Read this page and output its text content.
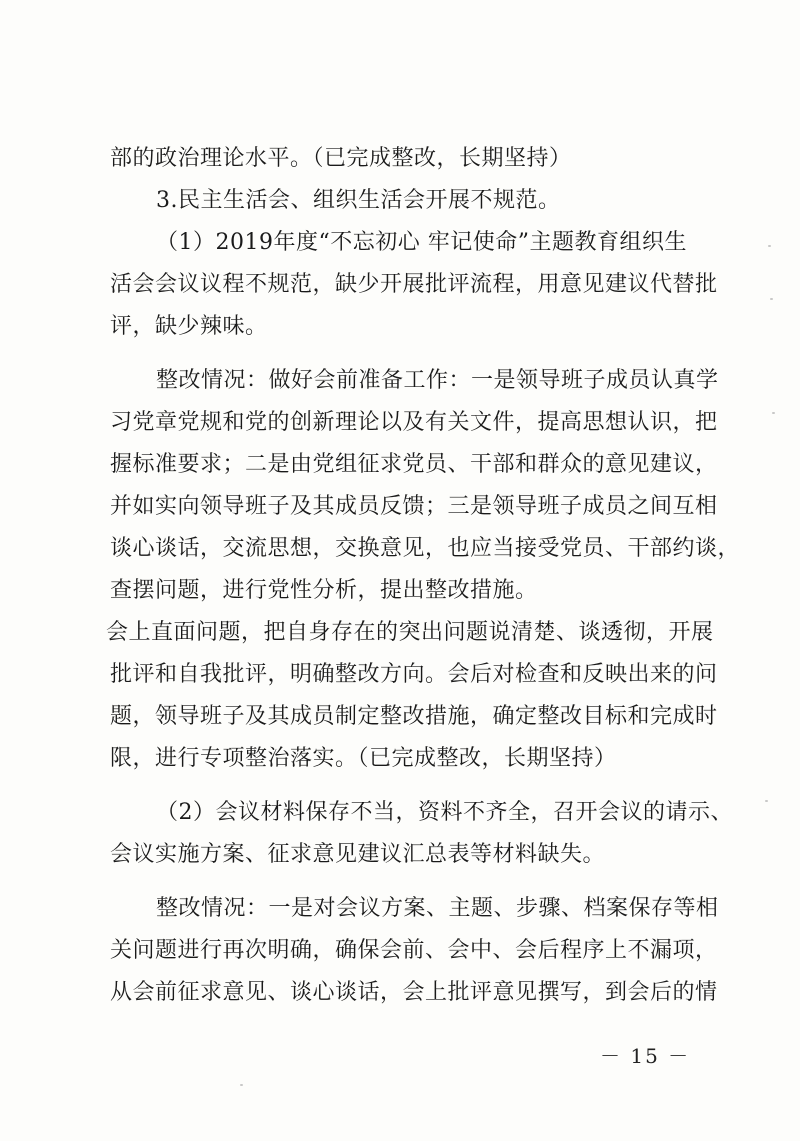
部的政治理论水平。（已完成整改，长期坚持）
3.民主生活会、组织生活会开展不规范。
（1）2019年度“不忘初心 牢记使命”主题教育组织生
活会会议议程不规范，缺少开展批评流程，用意见建议代替批
评，缺少辣味。
整改情况：做好会前准备工作：一是领导班子成员认真学
习党章党规和党的创新理论以及有关文件，提高思想认识，把
握标准要求；二是由党组征求党员、干部和群众的意见建议，
并如实向领导班子及其成员反馈；三是领导班子成员之间互相
谈心谈话，交流思想，交换意见，也应当接受党员、干部约谈，
查摆问题，进行党性分析，提出整改措施。
会上直面问题，把自身存在的突出问题说清楚、谈透彻，开展
批评和自我批评，明确整改方向。会后对检查和反映出来的问
题，领导班子及其成员制定整改措施，确定整改目标和完成时
限，进行专项整治落实。（已完成整改，长期坚持）
（2）会议材料保存不当，资料不齐全，召开会议的请示、
会议实施方案、征求意见建议汇总表等材料缺失。
整改情况：一是对会议方案、主题、步骤、档案保存等相
关问题进行再次明确，确保会前、会中、会后程序上不漏项，
从会前征求意见、谈心谈话，会上批评意见撰写，到会后的情
－ 15 －
